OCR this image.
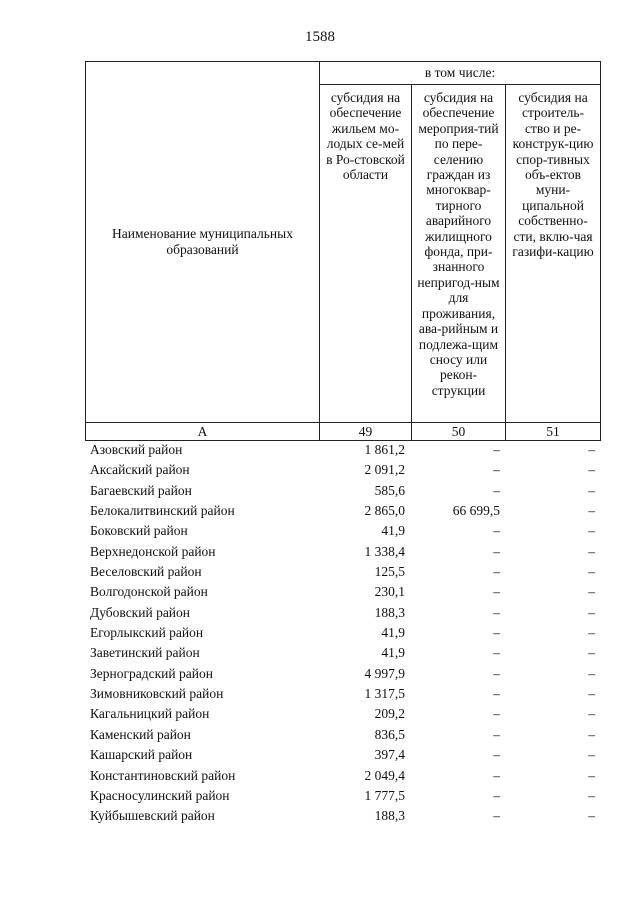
1588
Наименование муниципальных образований	в том числе:		

	субсидия на обеспечение жильем мо-лодых се-мей в Ро-стовской области	субсидия на обеспечение мероприя-тий по пере-селению граждан из многоквар-тирного аварийного жилищного фонда, при-знанного непригод-ным для проживания, ава-рийным и подлежа-щим сносу или рекон-струкции	субсидия на строитель-ство и ре-конструк-цию спор-тивных объ-ектов муни-ципальной собственно-сти, вклю-чая газифи-кацию

А	49	50	51
Азовский район	1 861,2	–	–
Аксайский район	2 091,2	–	–
Багаевский район	585,6	–	–
Белокалитвинский район	2 865,0	66 699,5	–
Боковский район	41,9	–	–
Верхнедонской район	1 338,4	–	–
Веселовский район	125,5	–	–
Волгодонской район	230,1	–	–
Дубовский район	188,3	–	–
Егорлыкский район	41,9	–	–
Заветинский район	41,9	–	–
Зерноградский район	4 997,9	–	–
Зимовниковский район	1 317,5	–	–
Кагальницкий район	209,2	–	–
Каменский район	836,5	–	–
Кашарский район	397,4	–	–
Константиновский район	2 049,4	–	–
Красносулинский район	1 777,5	–	–
Куйбышевский район	188,3	–	–
